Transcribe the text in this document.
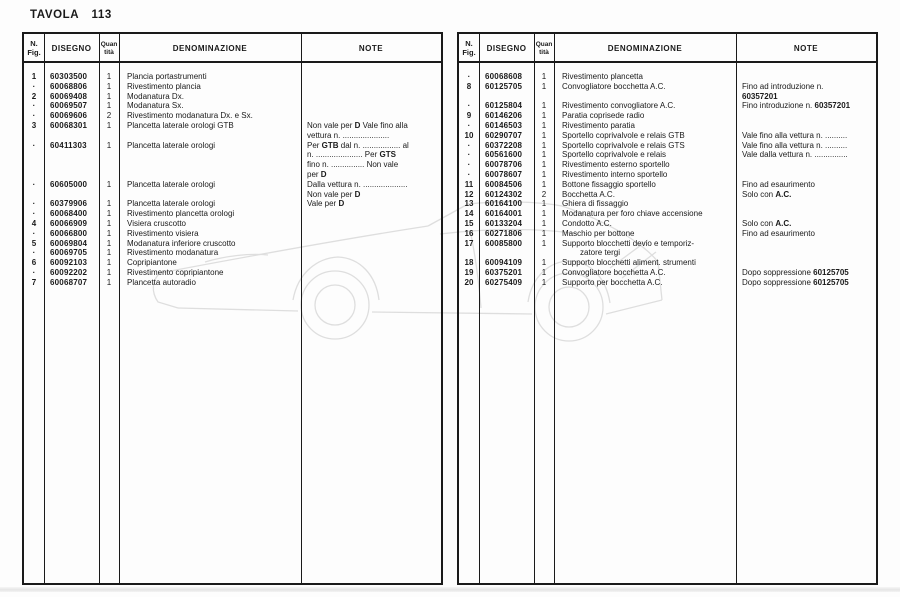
TAVOLA 113
N.
Fig.	DISEGNO	Quan
tità	DENOMINAZIONE	NOTE
1	60303500	1	Plancia portastrumenti
·	60068806	1	Rivestimento plancia
2	60069408	1	Modanatura Dx.
·	60069507	1	Modanatura Sx.
·	60069606	2	Rivestimento modanatura Dx. e Sx.
3	60068301	1	Plancetta laterale orologi GTB	Non vale per D Vale fino alla
vettura n. .....................
·	60411303	1	Plancetta laterale orologi	Per GTB dal n. ................. al
n. ..................... Per GTS
fino n. ............... Non vale
per D
·	60605000	1	Plancetta laterale orologi	Dalla vettura n. ....................
Non vale per D
·	60379906	1	Plancetta laterale orologi	Vale per D
·	60068400	1	Rivestimento plancetta orologi
4	60066909	1	Visiera cruscotto
·	60066800	1	Rivestimento visiera
5	60069804	1	Modanatura inferiore cruscotto
·	60069705	1	Rivestimento modanatura
6	60092103	1	Copripiantone
·	60092202	1	Rivestimento copripiantone
7	60068707	1	Plancetta autoradio
N.
Fig.	DISEGNO	Quan
tità	DENOMINAZIONE	NOTE
·	60068608	1	Rivestimento plancetta
8	60125705	1	Convogliatore bocchetta A.C.	Fino ad introduzione n.
60357201
·	60125804	1	Rivestimento convogliatore A.C.	Fino introduzione n. 60357201
9	60146206	1	Paratia coprisede radio
·	60146503	1	Rivestimento paratia
10	60290707	1	Sportello coprivalvole e relais GTB	Vale fino alla vettura n. ..........
·	60372208	1	Sportello coprivalvole e relais GTS	Vale fino alla vettura n. ..........
·	60561600	1	Sportello coprivalvole e relais	Vale dalla vettura n. ...............
·	60078706	1	Rivestimento esterno sportello
·	60078607	1	Rivestimento interno sportello
11	60084506	1	Bottone fissaggio sportello	Fino ad esaurimento
12	60124302	2	Bocchetta A.C.	Solo con A.C.
13	60164100	1	Ghiera di fissaggio
14	60164001	1	Modanatura per foro chiave accensione
15	60133204	1	Condotto A.C.	Solo con A.C.
16	60271806	1	Maschio per bottone	Fino ad esaurimento
17	60085800	1	Supporto blocchetti devio e temporiz-
zatore tergi
18	60094109	1	Supporto blocchetti aliment. strumenti
19	60375201	1	Convogliatore bocchetta A.C.	Dopo soppressione 60125705
20	60275409	1	Supporto per bocchetta A.C.	Dopo soppressione 60125705
